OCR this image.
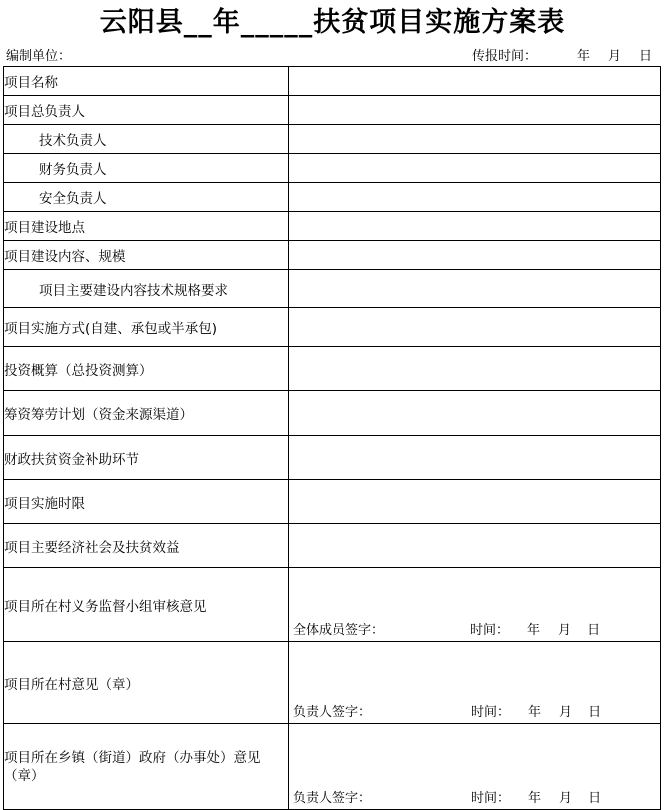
云阳县__年_____扶贫项目实施方案表
编制单位：	传报时间：	年 月 日
项目名称	
项目总负责人	
技术负责人	
财务负责人	
安全负责人	
项目建设地点	
项目建设内容、规模	
项目主要建设内容技术规格要求	
项目实施方式(自建、承包或半承包)	
投资概算（总投资测算）	
筹资筹劳计划（资金来源渠道）	
财政扶贫资金补助环节	
项目实施时限	
项目主要经济社会及扶贫效益	
项目所在村义务监督小组审核意见	全体成员签字： 时间： 年 月 日

项目所在村意见（章）	负责人签字： 时间： 年 月 日

项目所在乡镇（街道）政府（办事处）意见（章）	负责人签字： 时间： 年 月 日
